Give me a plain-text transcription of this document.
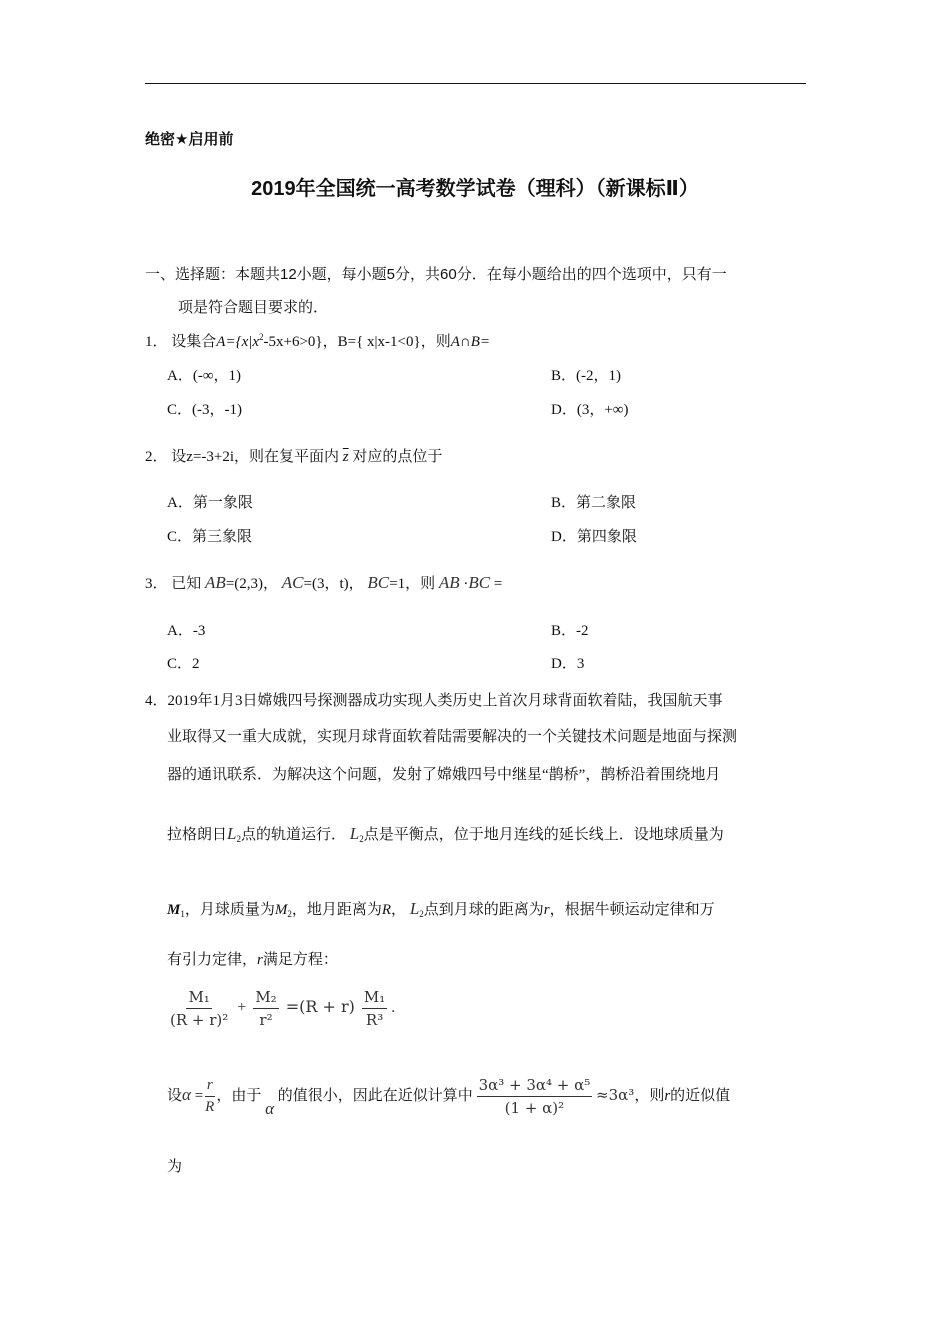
绝密★启用前
2019年全国统一高考数学试卷（理科）（新课标Ⅱ）
一、选择题：本题共12小题，每小题5分，共60分．在每小题给出的四个选项中，只有一
项是符合题目要求的．
1． 设集合$A=\{x|x^2-5x+6>0\}$，B={ x|x-1<0}，则A∩B=
A．(-∞，1)	B．(-2，1)
C．(-3，-1)	D．(3，+∞)
2． 设z=-3+2i，则在复平面内 $\overline{z}$ 对应的点位于
A．第一象限	B．第二象限
C．第三象限	D．第四象限
3． 已知 AB=(2,3)， AC=(3，t)， BC=1，则 AB ·BC =
A．-3	B．-2
C．2	D．3
4．2019年1月3日嫦娥四号探测器成功实现人类历史上首次月球背面软着陆，我国航天事
业取得又一重大成就，实现月球背面软着陆需要解决的一个关键技术问题是地面与探测
器的通讯联系．为解决这个问题，发射了嫦娥四号中继星“鹊桥”，鹊桥沿着围绕地月
拉格朗日$L_2$点的轨道运行． $L_2$点是平衡点，位于地月连线的延长线上．设地球质量为
$M_1$，月球质量为$M_2$，地月距离为R， $L_2$点到月球的距离为r，根据牛顿运动定律和万
有引力定律，r满足方程：
$\frac{\text{M₁}}{\text{(R + r)²}} + \frac{\text{M₂}}{\text{r²}} =(R + r) \frac{\text{M₁}}{\text{R³}}$ .
设$\alpha = \frac{r}{R}$ ，由于 α 的值很小，因此在近似计算中 $\frac{\text{3α³ + 3α⁴ + α⁵}}{\text{(1 + α)²}} \approx 3\alpha^3$，则r的近似值
为
